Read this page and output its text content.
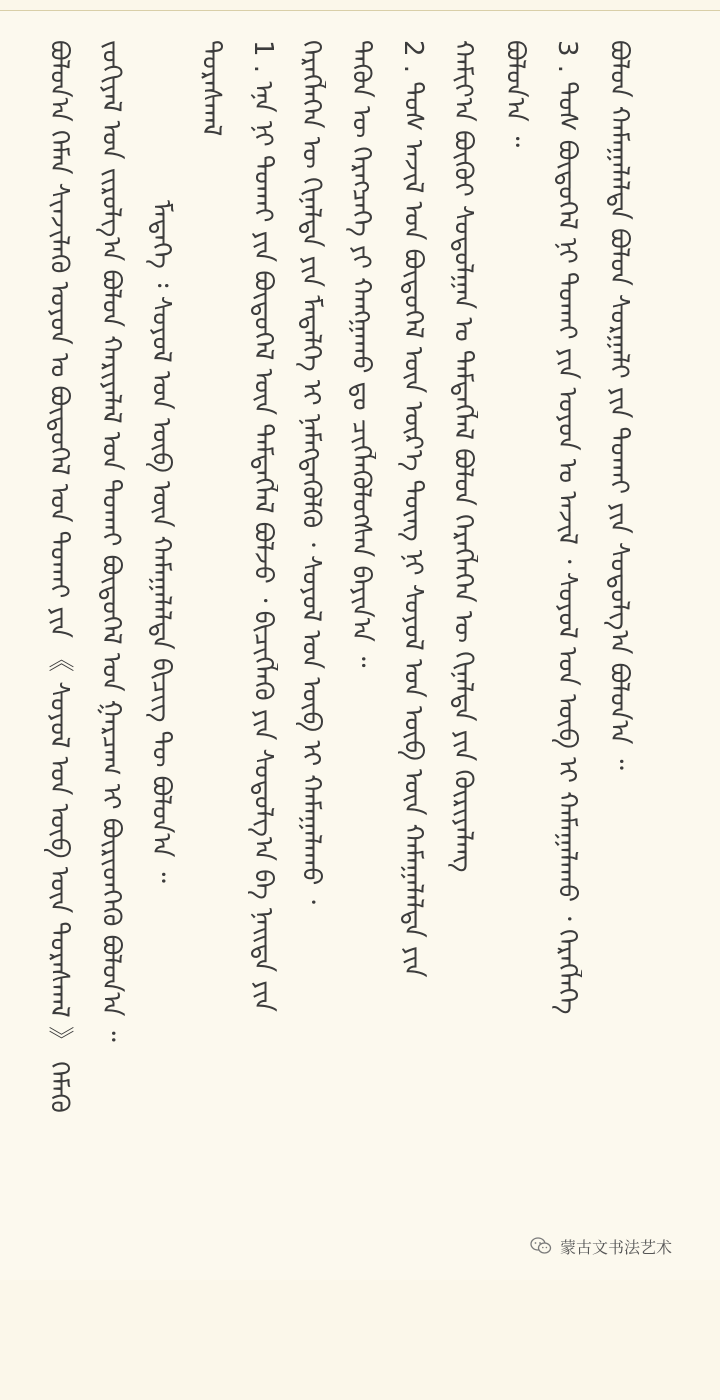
ᠪᠣᠯᠤᠨ᠎ᠠ ᠬᠡᠮᠡᠨ ᠰᠢᠨᠵᠢᠯᠡᠬᠦ ᠣᠶᠤᠨ ᠤ ᠪᠦᠲᠦᠭᠡᠯ ᠤᠨ ᠲᠤᠬᠠᠢ ᠶᠢᠨ 《 ᠰᠣᠶᠣᠯ ᠤᠨ ᠦᠪ ᠦᠨ ᠳᠤᠷᠠᠰᠬᠠᠯ 》 ᠬᠡᠮᠡᠬᠦ ᠵᠣᠬᠢᠶᠠᠯ ᠤᠨ ᠵᠢᠷᠤᠯᠭ᠎ᠠ ᠪᠣᠯᠤᠨ ᠬᠠᠷᠢᠶᠠᠯᠠᠯ ᠤᠨ ᠲᠤᠬᠠᠢ ᠪᠦᠲᠦᠭᠡᠯ ᠤᠨ ᠭᠠᠷᠴᠠᠭ ᠢ ᠪᠦᠷᠢᠳᠬᠡᠬᠦ ᠪᠣᠯᠤᠨ᠎ᠠ ᠃ ᠮᠡᠳᠡᠭᠡ ᠄ ᠰᠣᠶᠣᠯ ᠤᠨ ᠦᠪ ᠦᠨ ᠬᠠᠮᠠᠭᠠᠯᠠᠯᠲᠠ ᠪᠢᠴᠢᠭ ᠲᠦ ᠪᠣᠯᠤᠨ᠎ᠠ ᠃
ᠳᠤᠷᠠᠰᠬᠠᠯ 1 . ᠡᠨᠡ ᠨᠢ ᠲᠤᠬᠠᠢ ᠶᠢᠨ ᠪᠦᠲᠦᠭᠡᠯ ᠦᠨ ᠲᠡᠮᠳᠡᠭᠯᠡᠯ ᠪᠣᠯᠵᠤ ᠂ ᠪᠢᠴᠢᠭ᠌ᠯᠡᠬᠦ ᠶᠢᠨ ᠰᠤᠳᠤᠯᠭ᠎ᠠ ᠪᠠ ᠨᠡᠢᠲᠡ ᠶᠢᠨ ᠬᠡᠷᠡᠭᠯᠡᠭᠡᠨ ᠦ ᠬᠢᠨᠠᠯᠲᠠ ᠶᠢᠨ ᠮᠡᠳᠡᠯᠭᠡ ᠢ ᠨᠡᠮᠡᠭᠳᠡᠭᠦᠯᠬᠦ ᠂ ᠰᠣᠶᠣᠯ ᠤᠨ ᠦᠪ ᠢ ᠬᠠᠮᠠᠭᠠᠯᠠᠬᠤ ᠂ ᠲᠡᠭᠦᠨ ᠦ ᠬᠡᠷᠡᠭᠴᠡᠭᠡ ᠶᠢ ᠬᠠᠩᠭᠠᠬᠤ ᠳᠤ ᠴᠢᠭᠯᠡᠭᠦᠯᠦᠭᠰᠡᠨ ᠪᠠᠶᠢᠨ᠎ᠠ ᠃ 2 . ᠲᠤᠰ ᠠᠵᠢᠯ ᠤᠨ ᠪᠦᠲᠦᠭᠡᠯ ᠦᠨ ᠦᠷ᠎ᠡ ᠳᠦᠩ ᠨᠢ ᠰᠣᠶᠣᠯ ᠤᠨ ᠦᠪ ᠦᠨ ᠬᠠᠮᠠᠭᠠᠯᠠᠯᠲᠠ ᠶᠢᠨ ᠬᠠᠮᠢᠶ᠎ᠠ ᠪᠦᠬᠦᠢ ᠰᠤᠳᠤᠯᠭᠠᠨ ᠤ ᠲᠡᠮᠳᠡᠭᠯᠡᠯ ᠪᠣᠯᠤᠨ ᠬᠡᠷᠡᠭᠯᠡᠭᠡᠨ ᠦ ᠬᠢᠨᠠᠯᠲᠠ ᠶᠢᠨ ᠬᠦᠷᠢᠶᠡᠯᠡᠩ ᠪᠣᠯᠤᠨ᠎ᠠ ᠃ 3 . ᠲᠤᠰ ᠪᠦᠲᠦᠭᠡᠯ ᠨᠢ ᠲᠤᠬᠠᠢ ᠶᠢᠨ ᠣᠶᠤᠨ ᠤ ᠠᠵᠢᠯ ᠂ ᠰᠣᠶᠣᠯ ᠤᠨ ᠦᠪ ᠢ ᠬᠠᠮᠠᠭᠠᠯᠠᠬᠤ ᠂ ᠬᠡᠷᠡᠭᠯᠡᠭᠡ ᠪᠣᠯᠤᠨ ᠬᠠᠮᠠᠭᠠᠯᠠᠯᠲᠠ ᠪᠣᠯᠤᠨ ᠰᠤᠷᠭᠠᠯᠢ ᠶᠢᠨ ᠲᠤᠬᠠᠢ ᠶᠢᠨ ᠰᠤᠳᠤᠯᠭ᠎ᠠ ᠪᠣᠯᠤᠨ᠎ᠠ ᠃
蒙古文书法艺术
